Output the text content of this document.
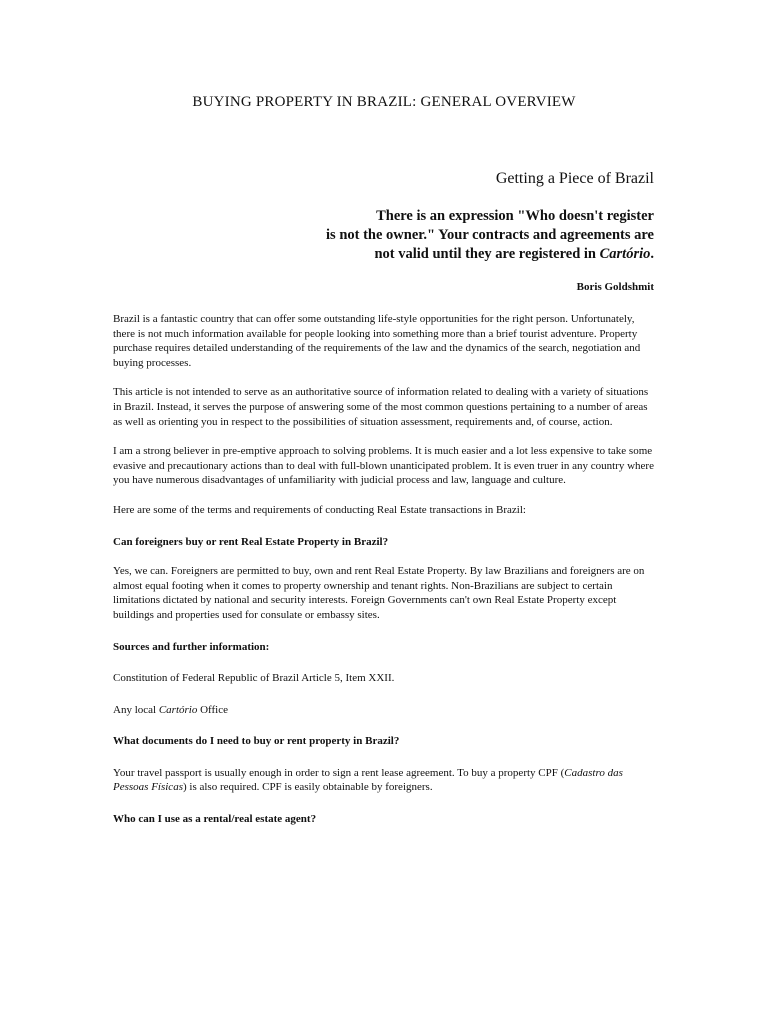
BUYING PROPERTY IN BRAZIL: GENERAL OVERVIEW
Getting a Piece of Brazil
There is an expression "Who doesn't register
is not the owner." Your contracts and agreements are
not valid until they are registered in Cartório.
Boris Goldshmit

Brazil is a fantastic country that can offer some outstanding life-style opportunities for the right person. Unfortunately, there is not much information available for people looking into something more than a brief tourist adventure. Property purchase requires detailed understanding of the requirements of the law and the dynamics of the search, negotiation and buying processes.

This article is not intended to serve as an authoritative source of information related to dealing with a variety of situations in Brazil. Instead, it serves the purpose of answering some of the most common questions pertaining to a number of areas as well as orienting you in respect to the possibilities of situation assessment, requirements and, of course, action.

I am a strong believer in pre-emptive approach to solving problems. It is much easier and a lot less expensive to take some evasive and precautionary actions than to deal with full-blown unanticipated problem. It is even truer in any country where you have numerous disadvantages of unfamiliarity with judicial process and law, language and culture.

Here are some of the terms and requirements of conducting Real Estate transactions in Brazil:

Can foreigners buy or rent Real Estate Property in Brazil?

Yes, we can. Foreigners are permitted to buy, own and rent Real Estate Property. By law Brazilians and foreigners are on almost equal footing when it comes to property ownership and tenant rights. Non-Brazilians are subject to certain limitations dictated by national and security interests. Foreign Governments can't own Real Estate Property except buildings and properties used for consulate or embassy sites.

Sources and further information:

Constitution of Federal Republic of Brazil Article 5, Item XXII.

Any local Cartório Office

What documents do I need to buy or rent property in Brazil?

Your travel passport is usually enough in order to sign a rent lease agreement. To buy a property CPF (Cadastro das Pessoas Físicas) is also required. CPF is easily obtainable by foreigners.

Who can I use as a rental/real estate agent?
